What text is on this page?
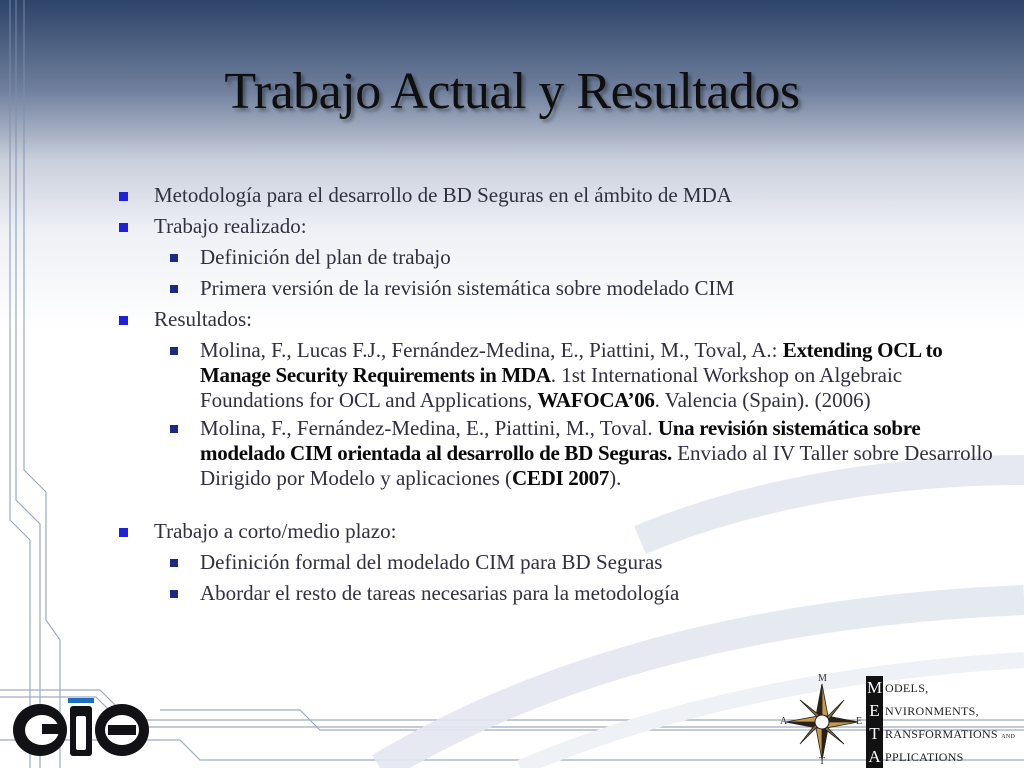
Trabajo Actual y Resultados
Metodología para el desarrollo de BD Seguras en el ámbito de MDA
Trabajo realizado:
Definición del plan de trabajo
Primera versión de la revisión sistemática sobre modelado CIM
Resultados:
Molina, F., Lucas F.J., Fernández-Medina, E., Piattini, M., Toval, A.: Extending OCL to Manage Security Requirements in MDA. 1st International Workshop on Algebraic Foundations for OCL and Applications, WAFOCA’06. Valencia (Spain). (2006)
Molina, F., Fernández-Medina, E., Piattini, M., Toval. Una revisión sistemática sobre modelado CIM orientada al desarrollo de BD Seguras. Enviado al IV Taller sobre Desarrollo Dirigido por Modelo y aplicaciones (CEDI 2007).
Trabajo a corto/medio plazo:
Definición formal del modelado CIM para BD Seguras
Abordar el resto de tareas necesarias para la metodología
M
A	E
T
M ODELS,
E NVIRONMENTS,
T RANSFORMATIONS AND
A PPLICATIONS
